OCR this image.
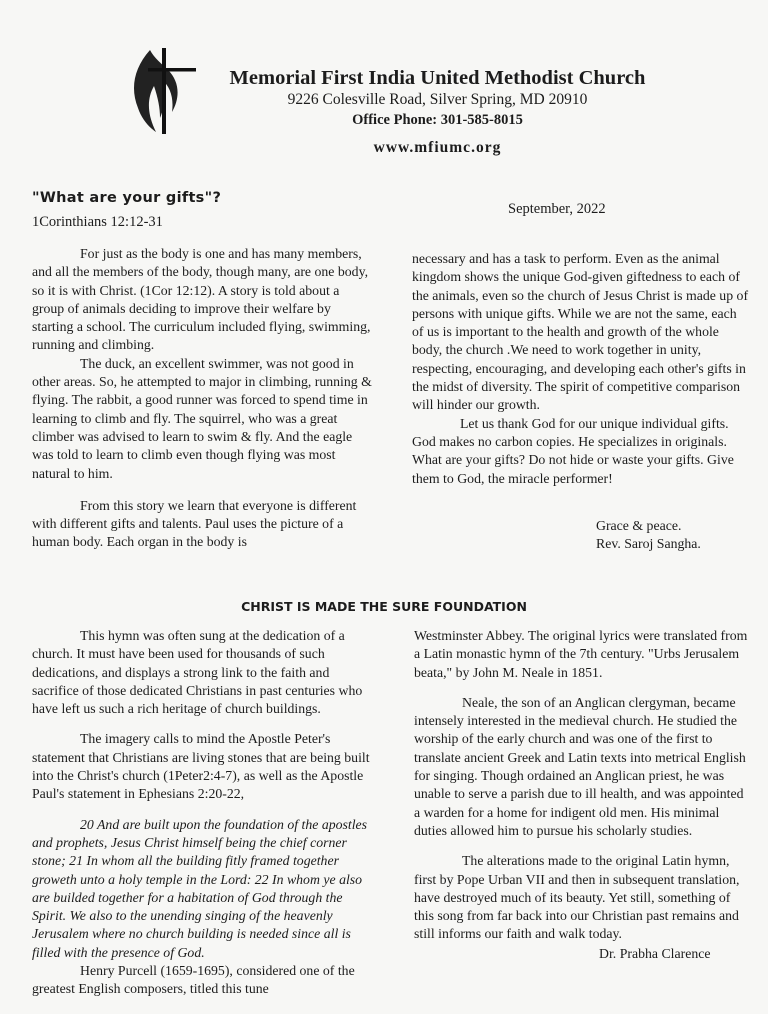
Memorial First India United Methodist Church
9226 Colesville Road, Silver Spring, MD 20910
Office Phone: 301-585-8015
www.mfiumc.org
"What are your gifts"?
1Corinthians 12:12-31
September, 2022

For just as the body is one and has many members, and all the members of the body, though many, are one body, so it is with Christ. (1Cor 12:12). A story is told about a group of animals deciding to improve their welfare by starting a school. The curriculum included flying, swimming, running and climbing.

The duck, an excellent swimmer, was not good in other areas. So, he attempted to major in climbing, running & flying. The rabbit, a good runner was forced to spend time in learning to climb and fly. The squirrel, who was a great climber was advised to learn to swim & fly. And the eagle was told to learn to climb even though flying was most natural to him.

From this story we learn that everyone is different with different gifts and talents. Paul uses the picture of a human body. Each organ in the body is

necessary and has a task to perform. Even as the animal kingdom shows the unique God-given giftedness to each of the animals, even so the church of Jesus Christ is made up of persons with unique gifts. While we are not the same, each of us is important to the health and growth of the whole body, the church .We need to work together in unity, respecting, encouraging, and developing each other's gifts in the midst of diversity. The spirit of competitive comparison will hinder our growth.

Let us thank God for our unique individual gifts. God makes no carbon copies. He specializes in originals. What are your gifts? Do not hide or waste your gifts. Give them to God, the miracle performer!

Grace & peace.
Rev. Saroj Sangha.
CHRIST IS MADE THE SURE FOUNDATION

This hymn was often sung at the dedication of a church. It must have been used for thousands of such dedications, and displays a strong link to the faith and sacrifice of those dedicated Christians in past centuries who have left us such a rich heritage of church buildings.

The imagery calls to mind the Apostle Peter's statement that Christians are living stones that are being built into the Christ's church (1Peter2:4-7), as well as the Apostle Paul's statement in Ephesians 2:20-22,

20 And are built upon the foundation of the apostles and prophets, Jesus Christ himself being the chief corner stone; 21 In whom all the building fitly framed together groweth unto a holy temple in the Lord: 22 In whom ye also are builded together for a habitation of God through the Spirit. We also to the unending singing of the heavenly Jerusalem where no church building is needed since all is filled with the presence of God.

Henry Purcell (1659-1695), considered one of the greatest English composers, titled this tune

Westminster Abbey. The original lyrics were translated from a Latin monastic hymn of the 7th century. "Urbs Jerusalem beata," by John M. Neale in 1851.

Neale, the son of an Anglican clergyman, became intensely interested in the medieval church. He studied the worship of the early church and was one of the first to translate ancient Greek and Latin texts into metrical English for singing. Though ordained an Anglican priest, he was unable to serve a parish due to ill health, and was appointed a warden for a home for indigent old men. His minimal duties allowed him to pursue his scholarly studies.

The alterations made to the original Latin hymn, first by Pope Urban VII and then in subsequent translation, have destroyed much of its beauty. Yet still, something of this song from far back into our Christian past remains and still informs our faith and walk today.

Dr. Prabha Clarence
